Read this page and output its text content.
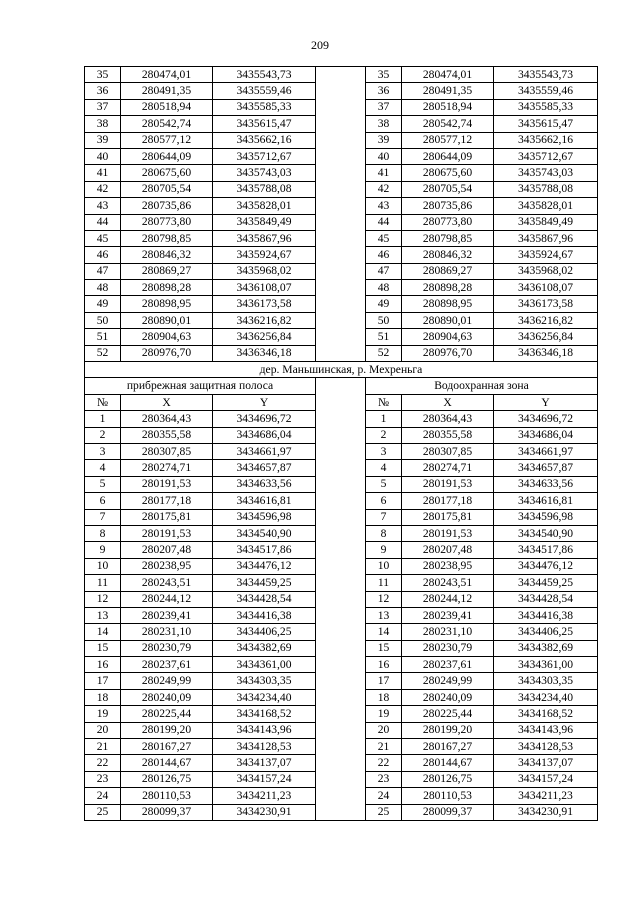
209
35	280474,01	3435543,73		35	280474,01	3435543,73
36	280491,35	3435559,46		36	280491,35	3435559,46
37	280518,94	3435585,33		37	280518,94	3435585,33
38	280542,74	3435615,47		38	280542,74	3435615,47
39	280577,12	3435662,16		39	280577,12	3435662,16
40	280644,09	3435712,67		40	280644,09	3435712,67
41	280675,60	3435743,03		41	280675,60	3435743,03
42	280705,54	3435788,08		42	280705,54	3435788,08
43	280735,86	3435828,01		43	280735,86	3435828,01
44	280773,80	3435849,49		44	280773,80	3435849,49
45	280798,85	3435867,96		45	280798,85	3435867,96
46	280846,32	3435924,67		46	280846,32	3435924,67
47	280869,27	3435968,02		47	280869,27	3435968,02
48	280898,28	3436108,07		48	280898,28	3436108,07
49	280898,95	3436173,58		49	280898,95	3436173,58
50	280890,01	3436216,82		50	280890,01	3436216,82
51	280904,63	3436256,84		51	280904,63	3436256,84
52	280976,70	3436346,18		52	280976,70	3436346,18
дер. Маньшинская, р. Мехреньга						
прибрежная защитная полоса				Водоохранная зона		
№	X	Y		№	X	Y
1	280364,43	3434696,72		1	280364,43	3434696,72
2	280355,58	3434686,04		2	280355,58	3434686,04
3	280307,85	3434661,97		3	280307,85	3434661,97
4	280274,71	3434657,87		4	280274,71	3434657,87
5	280191,53	3434633,56		5	280191,53	3434633,56
6	280177,18	3434616,81		6	280177,18	3434616,81
7	280175,81	3434596,98		7	280175,81	3434596,98
8	280191,53	3434540,90		8	280191,53	3434540,90
9	280207,48	3434517,86		9	280207,48	3434517,86
10	280238,95	3434476,12		10	280238,95	3434476,12
11	280243,51	3434459,25		11	280243,51	3434459,25
12	280244,12	3434428,54		12	280244,12	3434428,54
13	280239,41	3434416,38		13	280239,41	3434416,38
14	280231,10	3434406,25		14	280231,10	3434406,25
15	280230,79	3434382,69		15	280230,79	3434382,69
16	280237,61	3434361,00		16	280237,61	3434361,00
17	280249,99	3434303,35		17	280249,99	3434303,35
18	280240,09	3434234,40		18	280240,09	3434234,40
19	280225,44	3434168,52		19	280225,44	3434168,52
20	280199,20	3434143,96		20	280199,20	3434143,96
21	280167,27	3434128,53		21	280167,27	3434128,53
22	280144,67	3434137,07		22	280144,67	3434137,07
23	280126,75	3434157,24		23	280126,75	3434157,24
24	280110,53	3434211,23		24	280110,53	3434211,23
25	280099,37	3434230,91		25	280099,37	3434230,91
